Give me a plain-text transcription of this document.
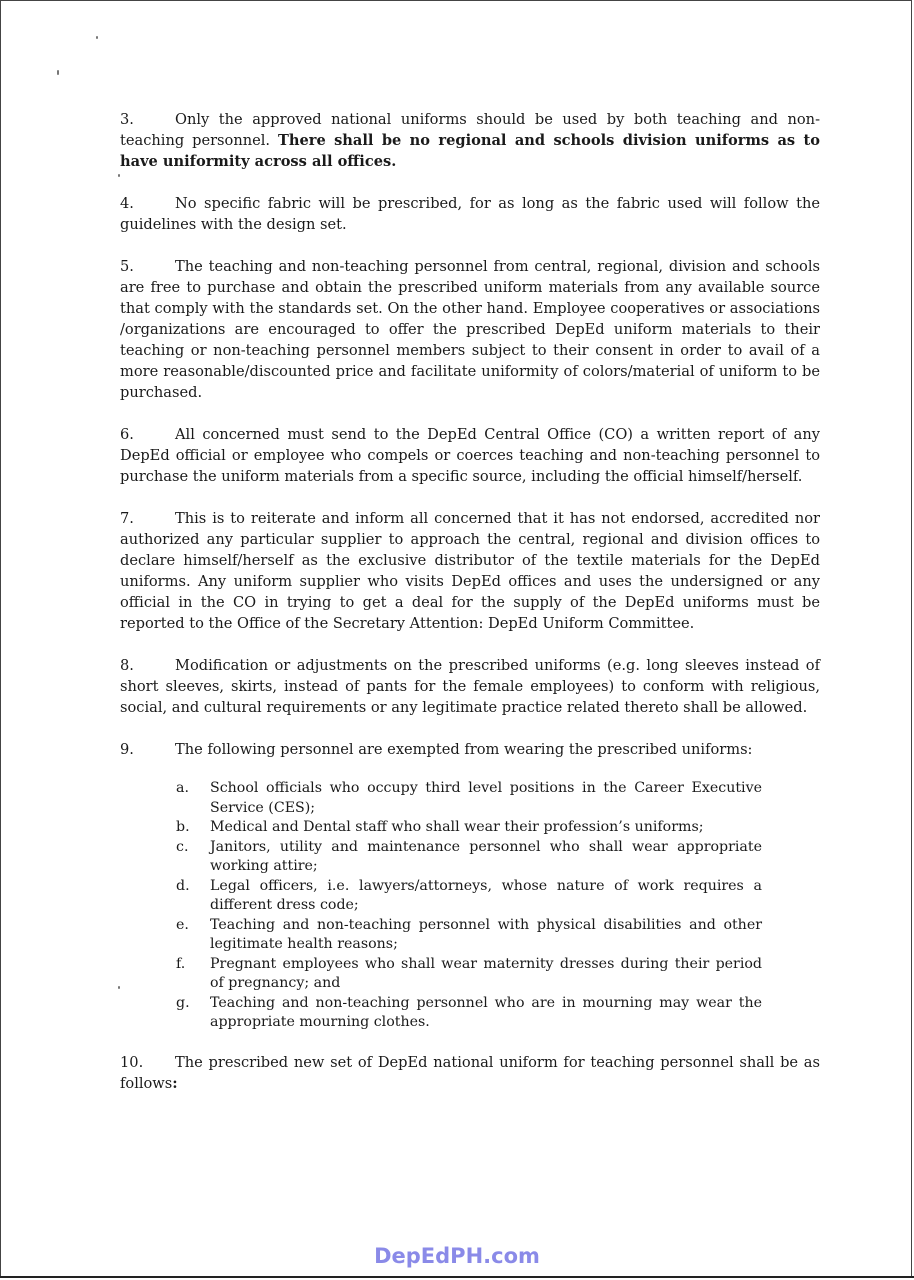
3.	Only the approved national uniforms should be used by both teaching and non-teaching personnel. There shall be no regional and schools division uniforms as to have uniformity across all offices.

4.	No specific fabric will be prescribed, for as long as the fabric used will follow the guidelines with the design set.

5.	The teaching and non-teaching personnel from central, regional, division and schools are free to purchase and obtain the prescribed uniform materials from any available source that comply with the standards set. On the other hand. Employee cooperatives or associations /organizations are encouraged to offer the prescribed DepEd uniform materials to their teaching or non-teaching personnel members subject to their consent in order to avail of a more reasonable/discounted price and facilitate uniformity of colors/material of uniform to be purchased.

6.	All concerned must send to the DepEd Central Office (CO) a written report of any DepEd official or employee who compels or coerces teaching and non-teaching personnel to purchase the uniform materials from a specific source, including the official himself/herself.

7.	This is to reiterate and inform all concerned that it has not endorsed, accredited nor authorized any particular supplier to approach the central, regional and division offices to declare himself/herself as the exclusive distributor of the textile materials for the DepEd uniforms. Any uniform supplier who visits DepEd offices and uses the undersigned or any official in the CO in trying to get a deal for the supply of the DepEd uniforms must be reported to the Office of the Secretary Attention: DepEd Uniform Committee.

8.	Modification or adjustments on the prescribed uniforms (e.g. long sleeves instead of short sleeves, skirts, instead of pants for the female employees) to conform with religious, social, and cultural requirements or any legitimate practice related thereto shall be allowed.

9.	The following personnel are exempted from wearing the prescribed uniforms:

a.	School officials who occupy third level positions in the Career Executive Service (CES);
b.	Medical and Dental staff who shall wear their profession’s uniforms;
c.	Janitors, utility and maintenance personnel who shall wear appropriate working attire;
d.	Legal officers, i.e. lawyers/attorneys, whose nature of work requires a different dress code;
e.	Teaching and non-teaching personnel with physical disabilities and other legitimate health reasons;
f.	Pregnant employees who shall wear maternity dresses during their period of pregnancy; and
g.	Teaching and non-teaching personnel who are in mourning may wear the appropriate mourning clothes.

10. The prescribed new set of DepEd national uniform for teaching personnel shall be as follows:

DepEdPH.com
